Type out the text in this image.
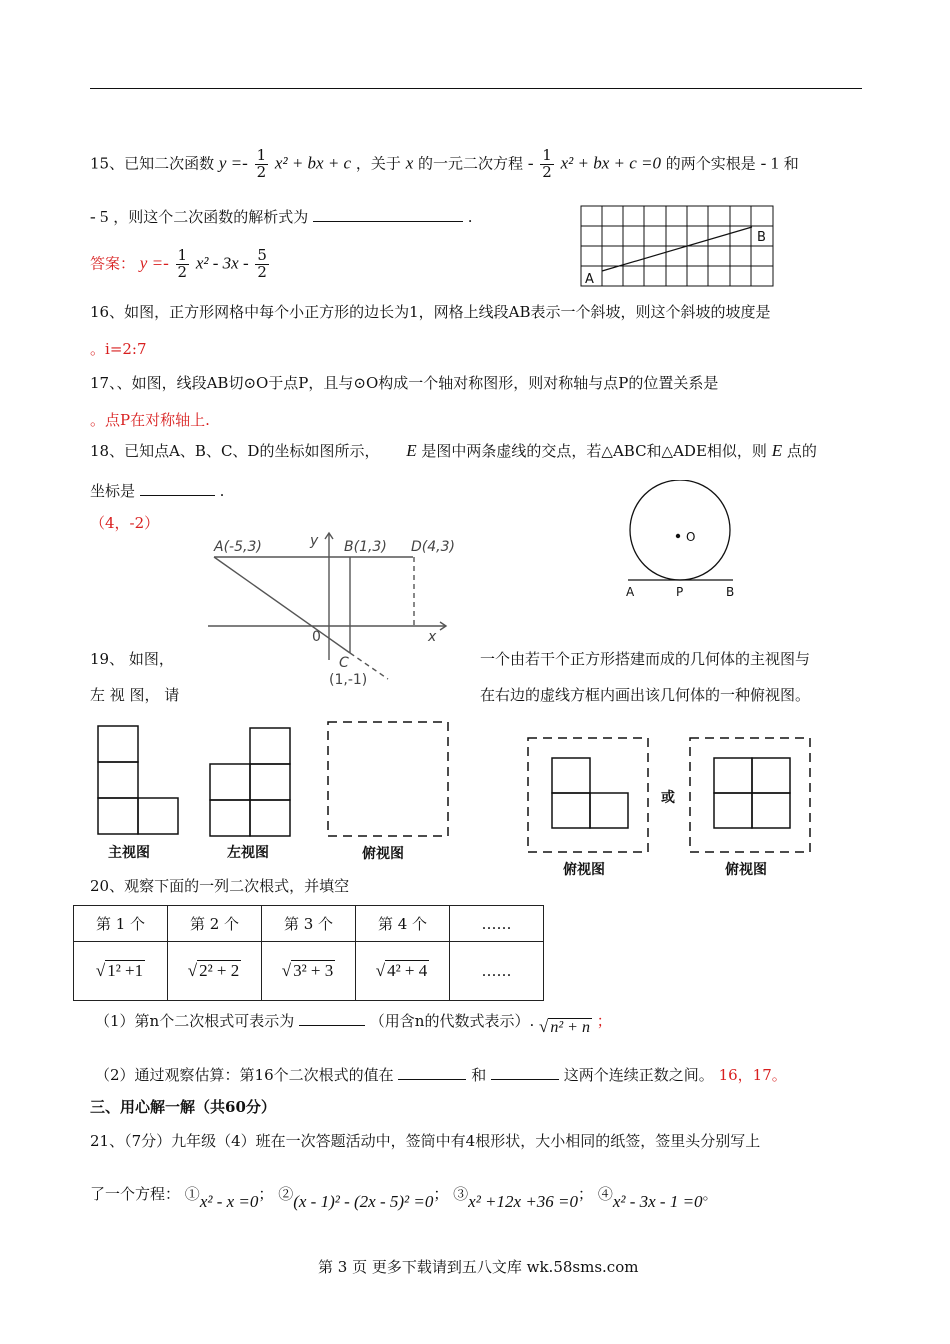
15、已知二次函数 $y =- \frac{1}{2} x^2$ + bx + c ，关于 x 的一元二次方程 - $\frac{1}{2} x^2$ + bx + c =0 的两个实根是 - 1 和
- 5 ，则这个二次函数的解析式为	.
答案： $y =- \frac{1}{2} x^2 - 3x - \frac{5}{2}$	A
B
16、如图，正方形网格中每个小正方形的边长为1，网格上线段AB表示一个斜坡，则这个斜坡的坡度是
。i=2:7
17、、如图，线段AB切⊙O于点P，且与⊙O构成一个轴对称图形，则对称轴与点P的位置关系是
。点P在对称轴上.
18、已知点A、B、C、D的坐标如图所示， E 是图中两条虚线的交点，若△ABC和△ADE相似，则 E 点的
坐标是	.
（4，-2）
A(-5,3)	B(1,3) D(4,3)
y
x
0
C
(1,-1)
O
A	P	B
19、 如图，	一个由若干个正方形搭建而成的几何体的主视图与
左 视 图， 请	在右边的虚线方框内画出该几何体的一种俯视图。
或
主视图	左视图	俯视图
俯视图	俯视图
20、观察下面的一列二次根式，并填空
第 1 个	第 2 个	第 3 个	第 4 个	……
√ 1² +1	√ 2² + 2	√ 3² + 3	√ 4² + 4	……
（1）第n个二次根式可表示为	（用含n的代数式表示）. √ n² + n ；
（2）通过观察估算：第16个二次根式的值在	和	这两个连续正数之间。 16，17。
三、用心解一解（共60分）
21、（7分）九年级（4）班在一次答题活动中，签筒中有4根形状，大小相同的纸签，签里头分别写上
了一个方程： ①x² - x =0； ②(x - 1)² - (2x - 5)² =0； ③x² +12x +36 =0； ④x² - 3x - 1 =0。
第 3 页 更多下载请到五八文库 wk.58sms.com
